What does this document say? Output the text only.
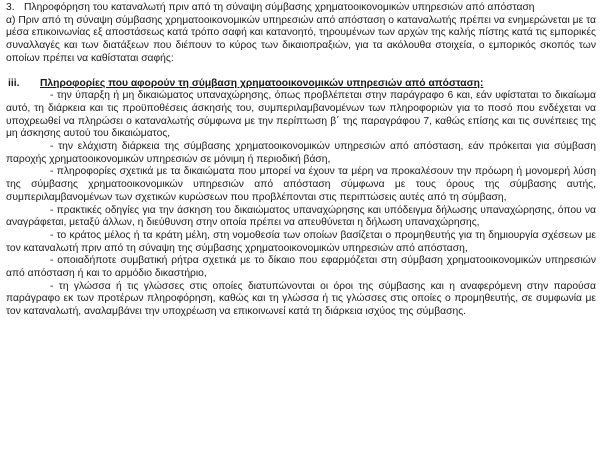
3. Πληροφόρηση του καταναλωτή πριν από τη σύναψη σύμβασης χρηματοοικονομικών υπηρεσιών από απόσταση
α) Πριν από τη σύναψη σύμβασης χρηματοοικονομικών υπηρεσιών από απόσταση ο καταναλωτής πρέπει να ενημερώνεται με τα μέσα επικοινωνίας εξ αποστάσεως κατά τρόπο σαφή και κατανοητό, τηρουμένων των αρχών της καλής πίστης κατά τις εμπορικές συναλλαγές και των διατάξεων που διέπουν το κύρος των δικαιοπραξιών, για τα ακόλουθα στοιχεία, ο εμπορικός σκοπός των οποίων πρέπει να καθίσταται σαφής:
iii.	Πληροφορίες που αφορούν τη σύμβαση χρηματοοικονομικών υπηρεσιών από απόσταση:
- την ύπαρξη ή μη δικαιώματος υπαναχώρησης, όπως προβλέπεται στην παράγραφο 6 και, εάν υφίσταται το δικαίωμα αυτό, τη διάρκεια και τις προϋποθέσεις άσκησής του, συμπεριλαμβανομένων των πληροφοριών για το ποσό που ενδέχεται να υποχρεωθεί να πληρώσει ο καταναλωτής σύμφωνα με την περίπτωση β΄ της παραγράφου 7, καθώς επίσης και τις συνέπειες της μη άσκησης αυτού του δικαιώματος,
- την ελάχιστη διάρκεια της σύμβασης χρηματοοικονομικών υπηρεσιών από απόσταση, εάν πρόκειται για σύμβαση παροχής χρηματοοικονομικών υπηρεσιών σε μόνιμη ή περιοδική βάση,
- πληροφορίες σχετικά με τα δικαιώματα που μπορεί να έχουν τα μέρη να προκαλέσουν την πρόωρη ή μονομερή λύση της σύμβασης χρηματοοικονομικών υπηρεσιών από απόσταση σύμφωνα με τους όρους της σύμβασης αυτής, συμπεριλαμβανομένων των σχετικών κυρώσεων που προβλέπονται στις περιπτώσεις αυτές από τη σύμβαση,
- πρακτικές οδηγίες για την άσκηση του δικαιώματος υπαναχώρησης και υπόδειγμα δήλωσης υπαναχώρησης, όπου να αναγράφεται, μεταξύ άλλων, η διεύθυνση στην οποία πρέπει να απευθύνεται η δήλωση υπαναχώρησης,
- το κράτος μέλος ή τα κράτη μέλη, στη νομοθεσία των οποίων βασίζεται ο προμηθευτής για τη δημιουργία σχέσεων με τον καταναλωτή πριν από τη σύναψη της σύμβασης χρηματοοικονομικών υπηρεσιών από απόσταση,
- οποιαδήποτε συμβατική ρήτρα σχετικά με το δίκαιο που εφαρμόζεται στη σύμβαση χρηματοοικονομικών υπηρεσιών από απόσταση ή και το αρμόδιο δικαστήριο,
- τη γλώσσα ή τις γλώσσες στις οποίες διατυπώνονται οι όροι της σύμβασης και η αναφερόμενη στην παρούσα παράγραφο εκ των προτέρων πληροφόρηση, καθώς και τη γλώσσα ή τις γλώσσες στις οποίες ο προμηθευτής, σε συμφωνία με τον καταναλωτή, αναλαμβάνει την υποχρέωση να επικοινωνεί κατά τη διάρκεια ισχύος της σύμβασης.
